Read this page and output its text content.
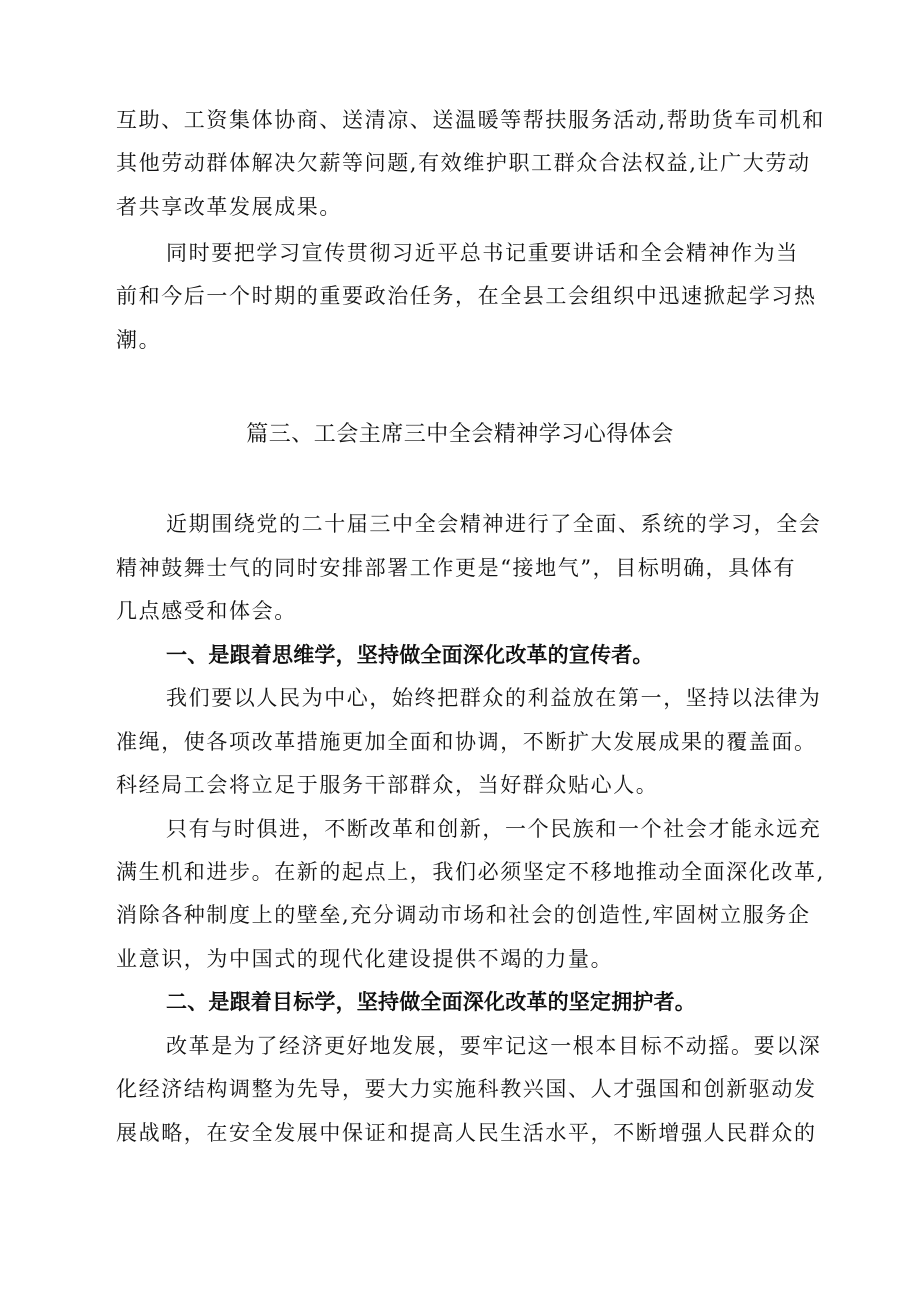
互助、工资集体协商、送清凉、送温暖等帮扶服务活动,帮助货车司机和
其他劳动群体解决欠薪等问题,有效维护职工群众合法权益,让广大劳动
者共享改革发展成果。
同时要把学习宣传贯彻习近平总书记重要讲话和全会精神作为当
前和今后一个时期的重要政治任务，在全县工会组织中迅速掀起学习热
潮。
篇三、工会主席三中全会精神学习心得体会
近期围绕党的二十届三中全会精神进行了全面、系统的学习，全会
精神鼓舞士气的同时安排部署工作更是“接地气”，目标明确，具体有
几点感受和体会。
一、是跟着思维学，坚持做全面深化改革的宣传者。
我们要以人民为中心，始终把群众的利益放在第一，坚持以法律为
准绳，使各项改革措施更加全面和协调，不断扩大发展成果的覆盖面。
科经局工会将立足于服务干部群众，当好群众贴心人。
只有与时俱进，不断改革和创新，一个民族和一个社会才能永远充
满生机和进步。在新的起点上，我们必须坚定不移地推动全面深化改革,
消除各种制度上的壁垒,充分调动市场和社会的创造性,牢固树立服务企
业意识，为中国式的现代化建设提供不竭的力量。
二、是跟着目标学，坚持做全面深化改革的坚定拥护者。
改革是为了经济更好地发展，要牢记这一根本目标不动摇。要以深
化经济结构调整为先导，要大力实施科教兴国、人才强国和创新驱动发
展战略，在安全发展中保证和提高人民生活水平，不断增强人民群众的
